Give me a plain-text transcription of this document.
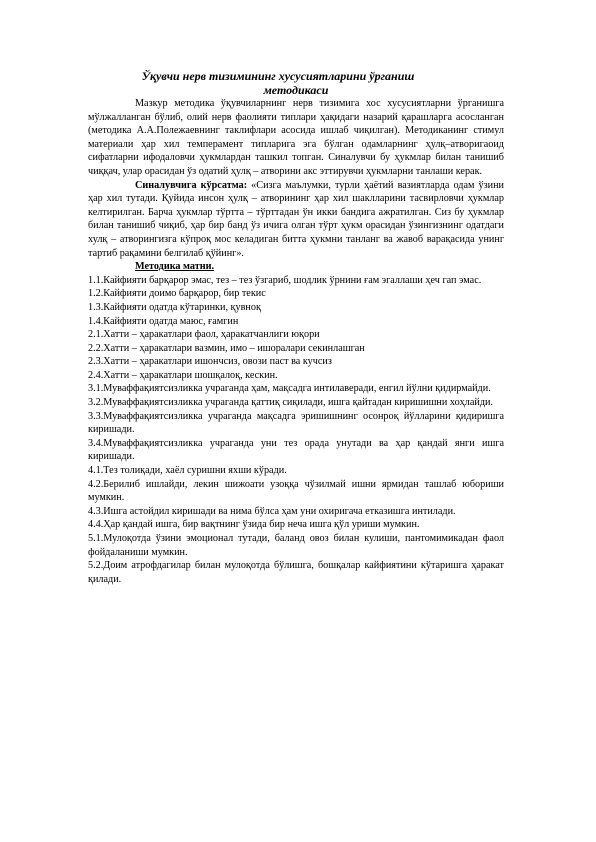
Ўқувчи нерв тизимининг хусусиятларини ўрганиш
методикаси

Мазкур методика ўқувчиларнинг нерв тизимига хос хусусиятларни ўрганишга мўлжалланган бўлиб, олий нерв фаолияти типлари ҳақидаги назарий қарашларга асосланган (методика А.А.Полежаевнинг таклифлари асосида ишлаб чиқилган). Методиканинг стимул материали ҳар хил темперамент типларига эга бўлган одамларнинг ҳулқ–атворигаоид сифатларни ифодаловчи ҳукмлардан ташкил топган. Синалувчи бу ҳукмлар билан танишиб чиққач, улар орасидан ўз одатий ҳулқ – атворини акс эттирувчи ҳукмларни танлаши керак.

Синалувчига кўрсатма: «Сизга маълумки, турли ҳаётий вазиятларда одам ўзини ҳар хил тутади. Қуйида инсон ҳулқ – атворининг ҳар хил шаклларини тасвирловчи ҳукмлар келтирилган. Барча ҳукмлар тўртта – тўрттадан ўн икки бандига ажратилган. Сиз бу ҳукмлар билан танишиб чиқиб, ҳар бир банд ўз ичига олган тўрт ҳукм орасидан ўзингизнинг одатдаги хулқ – атворингизга кўпроқ мос келадиган битта ҳукмни танланг ва жавоб варақасида унинг тартиб рақамини белгилаб қўйинг».

Методика матни.

1.1.Кайфияти барқарор эмас, тез – тез ўзгариб, шодлик ўрнини ғам эгаллаши ҳеч гап эмас.

1.2.Кайфияти доимо барқарор, бир текис

1.3.Кайфияти одатда кўтаринки, қувноқ

1.4.Кайфияти одатда маюс, ғамгин

2.1.Хатти – ҳаракатлари фаол, ҳаракатчанлиги юқори

2.2.Хатти – ҳаракатлари вазмин, имо – ишоралари секинлашган

2.3.Хатти – ҳаракатлари ишончсиз, овози паст ва кучсиз

2.4.Хатти – ҳаракатлари шошқалоқ, кескин.

3.1.Муваффақиятсизликка учраганда ҳам, мақсадга интилаверади, енгил йўлни қидирмайди.

3.2.Муваффақиятсизликка учраганда қаттиқ сиқилади, ишга қайтадан киришишни хоҳлайди.

3.3.Муваффақиятсизликка учраганда мақсадга эришишнинг осонроқ йўлларини қидиришга киришади.

3.4.Муваффақиятсизликка учраганда уни тез орада унутади ва ҳар қандай янги ишга киришади.

4.1.Тез толиқади, хаёл суришни яхши кўради.

4.2.Берилиб ишлайди, лекин шижоати узоққа чўзилмай ишни ярмидан ташлаб юбориши мумкин.

4.3.Ишга астойдил киришади ва нима бўлса ҳам уни охиригача етказишга интилади.

4.4.Ҳар қандай ишга, бир вақтнинг ўзида бир неча ишга қўл уриши мумкин.

5.1.Мулоқотда ўзини эмоционал тутади, баланд овоз билан кулиши, пантомимикадан фаол фойдаланиши мумкин.

5.2.Доим атрофдагилар билан мулоқотда бўлишга, бошқалар кайфиятини кўтаришга ҳаракат қилади.
